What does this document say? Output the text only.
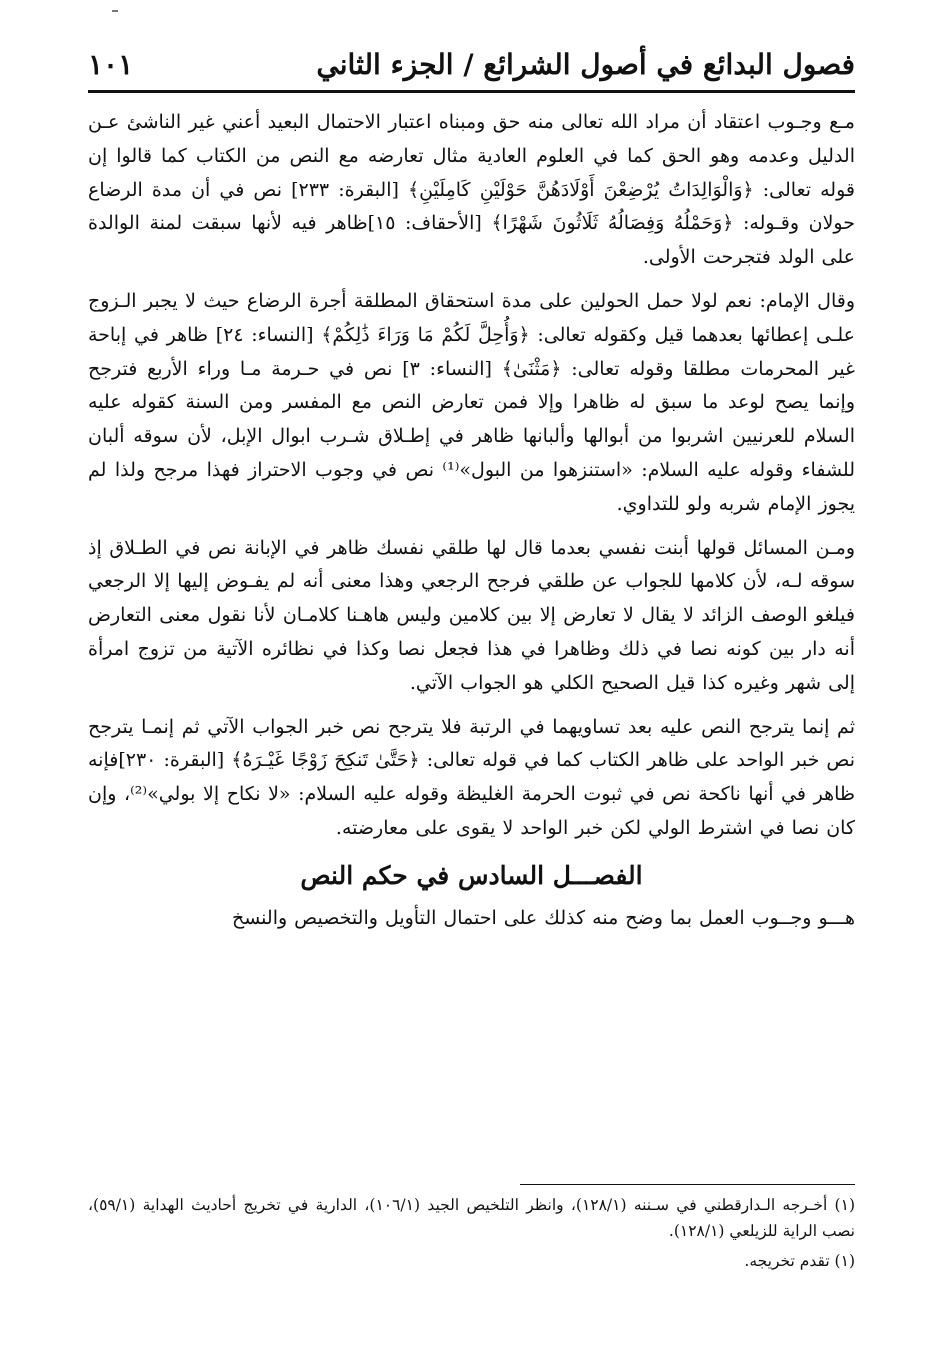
فصول البدائع في أصول الشرائع / الجزء الثاني
١٠١

مـع وجـوب اعتقاد أن مراد الله تعالى منه حق ومبناه اعتبار الاحتمال البعيد أعني غير الناشئ عـن الدليل وعدمه وهو الحق كما في العلوم العادية مثال تعارضه مع النص من الكتاب كما قالوا إن قوله تعالى: ﴿وَالْوَالِدَاتُ يُرْضِعْنَ أَوْلَادَهُنَّ حَوْلَيْنِ كَامِلَيْنِ﴾ [البقرة: ٢٣٣] نص في أن مدة الرضاع حولان وقـوله: ﴿وَحَمْلُهُ وَفِصَالُهُ ثَلَاثُونَ شَهْرًا﴾ [الأحقاف: ١٥]ظاهر فيه لأنها سبقت لمنة الوالدة على الولد فتجرحت الأولى.

وقال الإمام: نعم لولا حمل الحولين على مدة استحقاق المطلقة أجرة الرضاع حيث لا يجبر الـزوج علـى إعطائها بعدهما قيل وكقوله تعالى: ﴿وَأُحِلَّ لَكُمْ مَا وَرَاءَ ذَٰلِكُمْ﴾ [النساء: ٢٤] ظاهر في إباحة غير المحرمات مطلقا وقوله تعالى: ﴿مَثْنَىٰ﴾ [النساء: ٣] نص في حـرمة مـا وراء الأربع فترجح وإنما يصح لوعد ما سبق له ظاهرا وإلا فمن تعارض النص مع المفسر ومن السنة كقوله عليه السلام للعرنيين اشربوا من أبوالها وألبانها ظاهر في إطـلاق شـرب ابوال الإبل، لأن سوقه ألبان للشفاء وقوله عليه السلام: «استنزهوا من البول»⁽¹⁾ نص في وجوب الاحتراز فهذا مرجح ولذا لم يجوز الإمام شربه ولو للتداوي.

ومـن المسائل قولها أبنت نفسي بعدما قال لها طلقي نفسك ظاهر في الإبانة نص في الطـلاق إذ سوقه لـه، لأن كلامها للجواب عن طلقي فرجح الرجعي وهذا معنى أنه لم يفـوض إليها إلا الرجعي فيلغو الوصف الزائد لا يقال لا تعارض إلا بين كلامين وليس هاهـنا كلامـان لأنا نقول معنى التعارض أنه دار بين كونه نصا في ذلك وظاهرا في هذا فجعل نصا وكذا في نظائره الآتية من تزوج امرأة إلى شهر وغيره كذا قيل الصحيح الكلي هو الجواب الآتي.

ثم إنما يترجح النص عليه بعد تساويهما في الرتبة فلا يترجح نص خبر الجواب الآتي ثم إنمـا يترجح نص خبر الواحد على ظاهر الكتاب كما في قوله تعالى: ﴿حَتَّىٰ تَنكِحَ زَوْجًا غَيْـرَهُ﴾ [البقرة: ٢٣٠]فإنه ظاهر في أنها ناكحة نص في ثبوت الحرمة الغليظة وقوله عليه السلام: «لا نكاح إلا بولي»⁽²⁾، وإن كان نصا في اشترط الولي لكن خبر الواحد لا يقوى على معارضته.

الفصـــل السادس في حكم النص

هـــو وجــوب العمل بما وضح منه كذلك على احتمال التأويل والتخصيص والنسخ

(١) أخـرجه الـدارقطني في سـننه (١٢٨/١)، وانظر التلخيص الجيد (١٠٦/١)، الدارية في تخريج أحاديث الهداية (٥٩/١)، نصب الراية للزيلعي (١٢٨/١).

(١) تقدم تخريجه.
